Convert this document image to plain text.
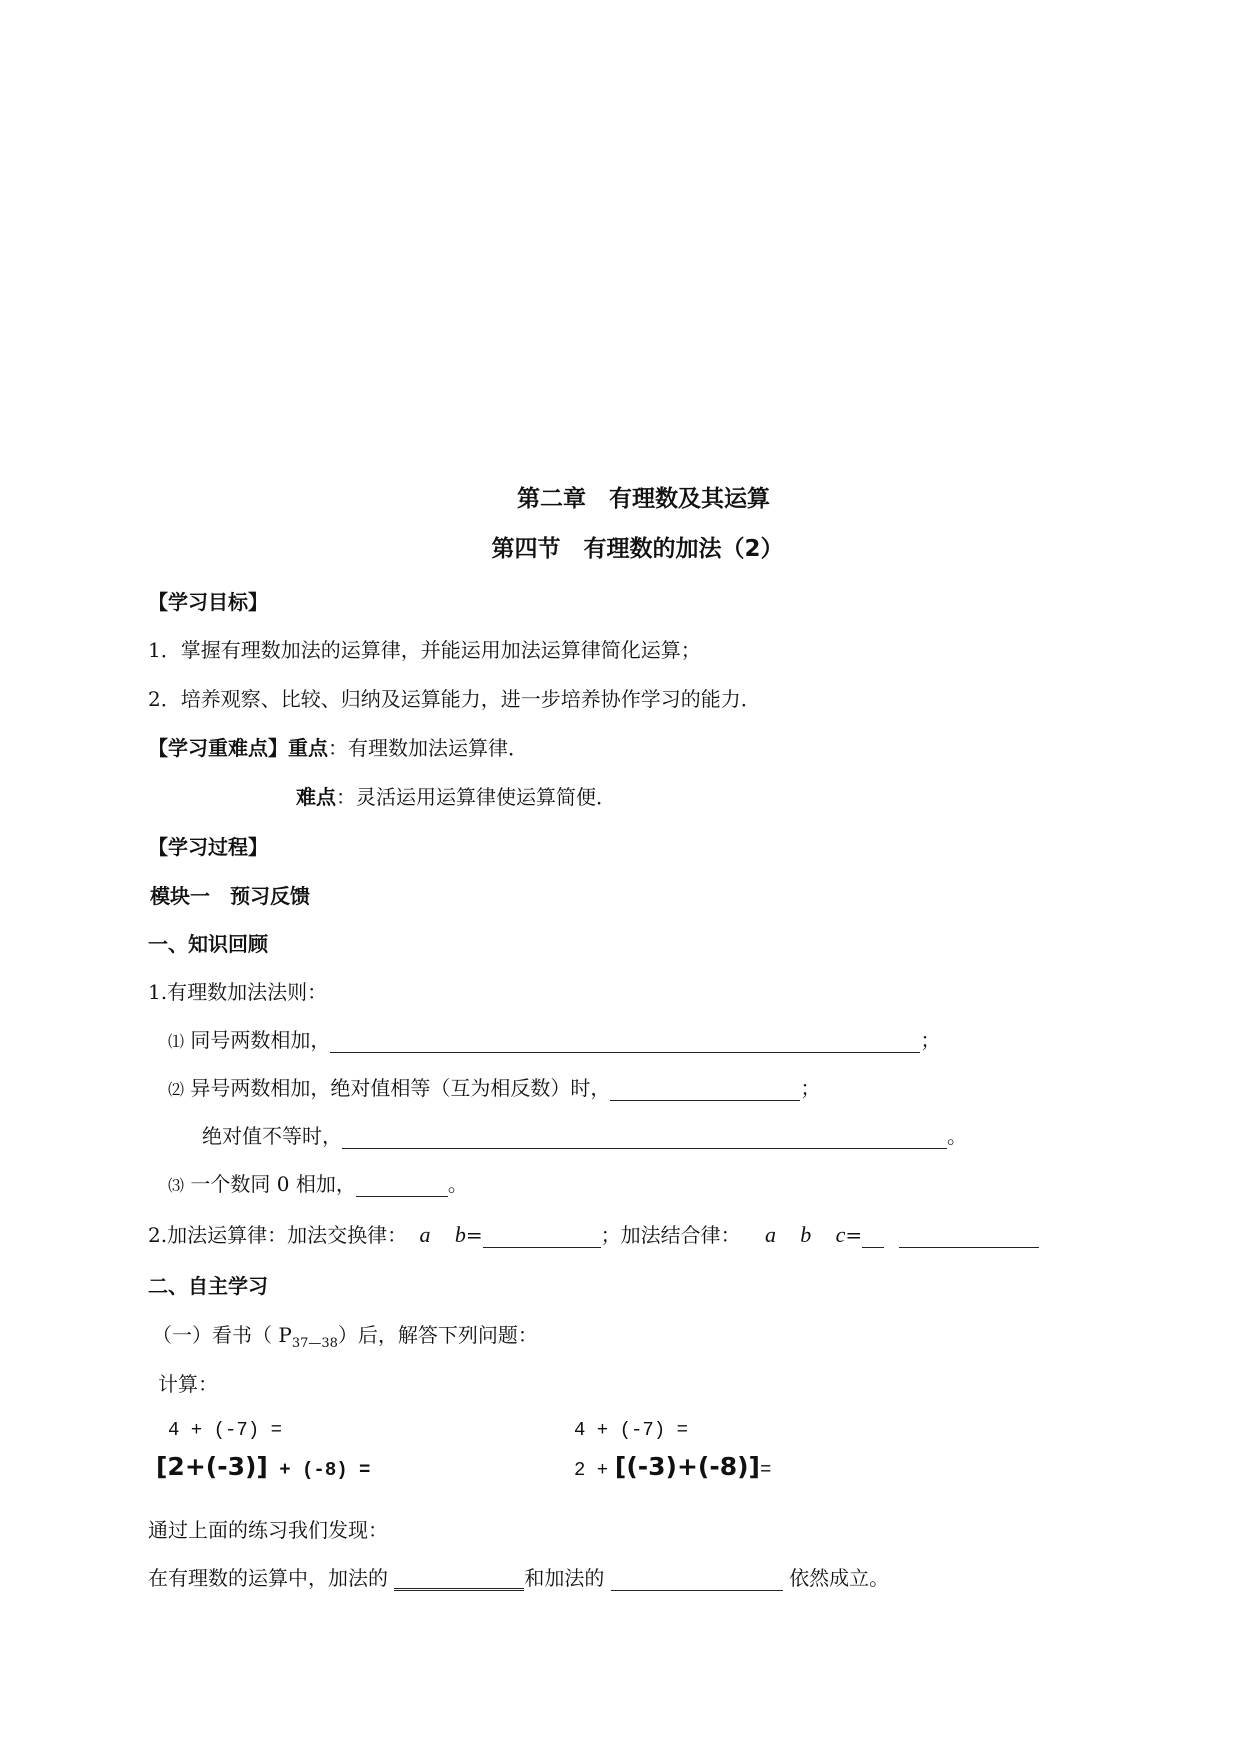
第二章　有理数及其运算
第四节　有理数的加法（2）
【学习目标】
1．掌握有理数加法的运算律，并能运用加法运算律简化运算；
2．培养观察、比较、归纳及运算能力，进一步培养协作学习的能力．
【学习重难点】重点：有理数加法运算律．
难点：灵活运用运算律使运算简便．
【学习过程】
模块一　预习反馈
一、知识回顾
1.有理数加法法则：
⑴ 同号两数相加，	；
⑵ 异号两数相加，绝对值相等（互为相反数）时，	；
绝对值不等时，	。
⑶ 一个数同 0 相加，	。
2.加法运算律：加法交换律： a b=	；加法结合律： a b c=
二、自主学习
（一）看书（ $P_{37—38}$）后，解答下列问题：
计算：
4 + (-7) =	4 + (-7) =
[2+(-3)] + (-8) =	2 + [(-3)+(-8)]=
通过上面的练习我们发现：
在有理数的运算中，加法的	和加法的	依然成立。
